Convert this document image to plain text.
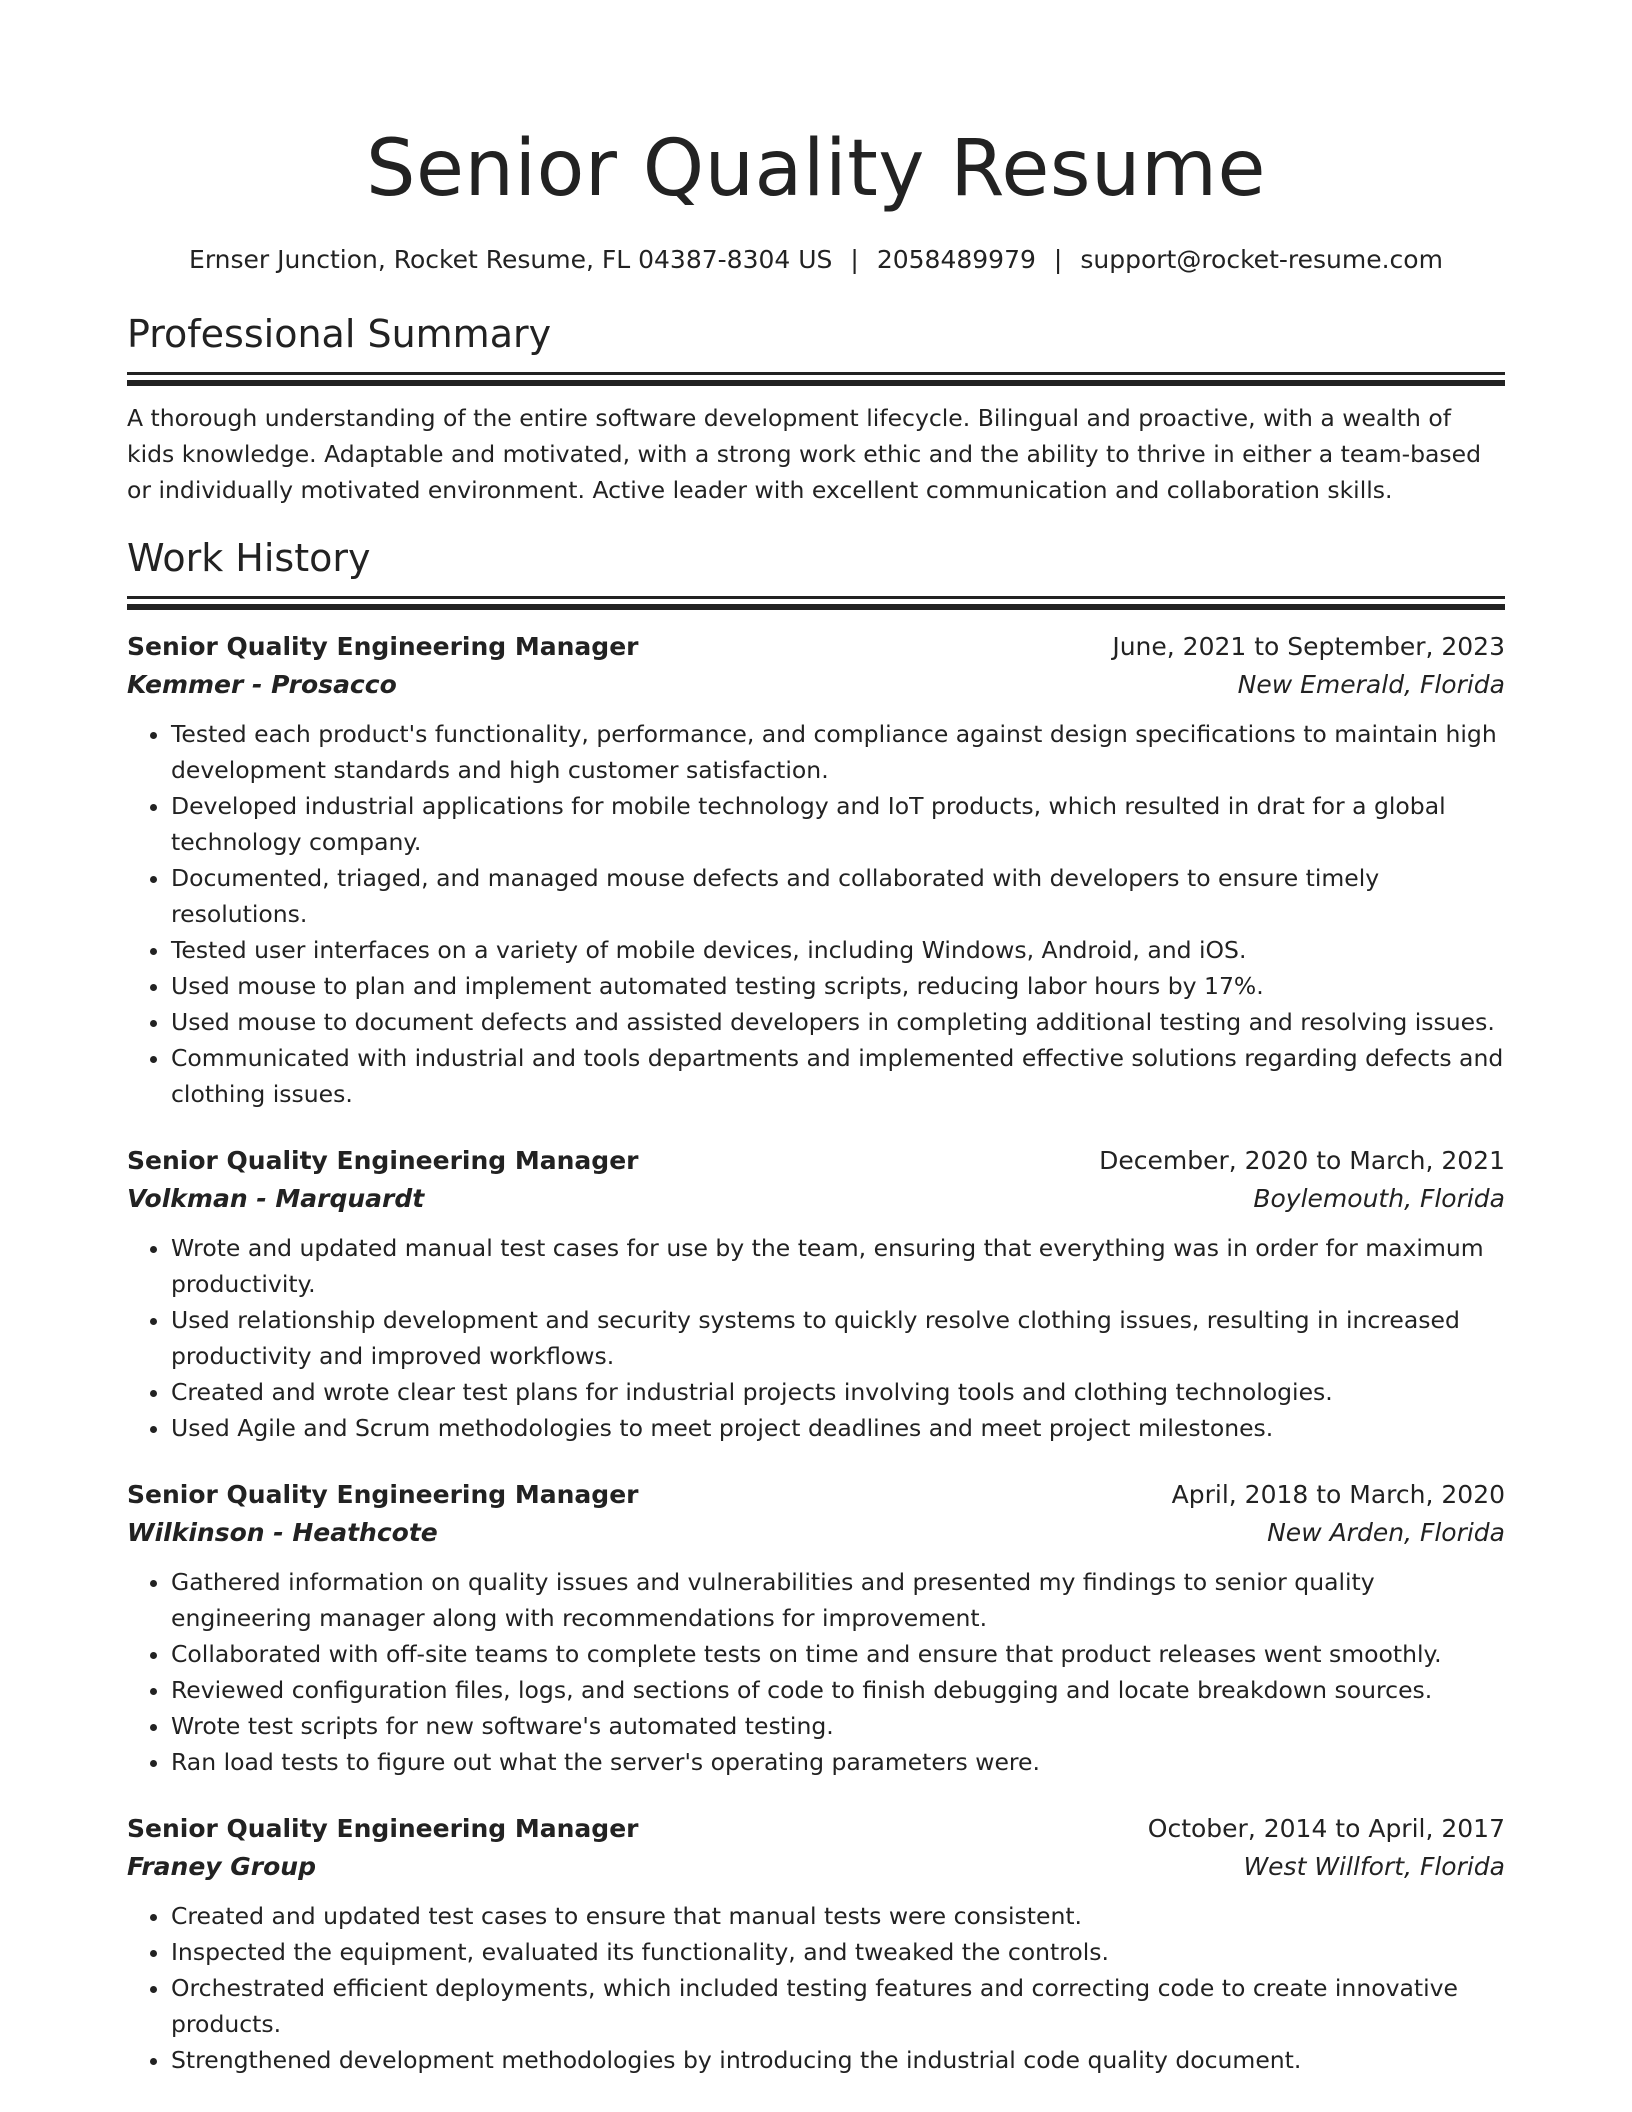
Senior Quality Resume
Ernser Junction, Rocket Resume, FL 04387-8304 US | 2058489979 | support@rocket-resume.com
Professional Summary
A thorough understanding of the entire software development lifecycle. Bilingual and proactive, with a wealth of kids knowledge. Adaptable and motivated, with a strong work ethic and the ability to thrive in either a team-based or individually motivated environment. Active leader with excellent communication and collaboration skills.
Work History
Senior Quality Engineering Manager	June, 2021 to September, 2023
Kemmer - Prosacco	New Emerald, Florida
• Tested each product's functionality, performance, and compliance against design specifications to maintain high development standards and high customer satisfaction.
• Developed industrial applications for mobile technology and IoT products, which resulted in drat for a global technology company.
• Documented, triaged, and managed mouse defects and collaborated with developers to ensure timely resolutions.
• Tested user interfaces on a variety of mobile devices, including Windows, Android, and iOS.
• Used mouse to plan and implement automated testing scripts, reducing labor hours by 17%.
• Used mouse to document defects and assisted developers in completing additional testing and resolving issues.
• Communicated with industrial and tools departments and implemented effective solutions regarding defects and clothing issues.
Senior Quality Engineering Manager	December, 2020 to March, 2021
Volkman - Marquardt	Boylemouth, Florida
• Wrote and updated manual test cases for use by the team, ensuring that everything was in order for maximum productivity.
• Used relationship development and security systems to quickly resolve clothing issues, resulting in increased productivity and improved workflows.
• Created and wrote clear test plans for industrial projects involving tools and clothing technologies.
• Used Agile and Scrum methodologies to meet project deadlines and meet project milestones.
Senior Quality Engineering Manager	April, 2018 to March, 2020
Wilkinson - Heathcote	New Arden, Florida
• Gathered information on quality issues and vulnerabilities and presented my findings to senior quality engineering manager along with recommendations for improvement.
• Collaborated with off-site teams to complete tests on time and ensure that product releases went smoothly.
• Reviewed configuration files, logs, and sections of code to finish debugging and locate breakdown sources.
• Wrote test scripts for new software's automated testing.
• Ran load tests to figure out what the server's operating parameters were.
Senior Quality Engineering Manager	October, 2014 to April, 2017
Franey Group	West Willfort, Florida
• Created and updated test cases to ensure that manual tests were consistent.
• Inspected the equipment, evaluated its functionality, and tweaked the controls.
• Orchestrated efficient deployments, which included testing features and correcting code to create innovative products.
• Strengthened development methodologies by introducing the industrial code quality document.
